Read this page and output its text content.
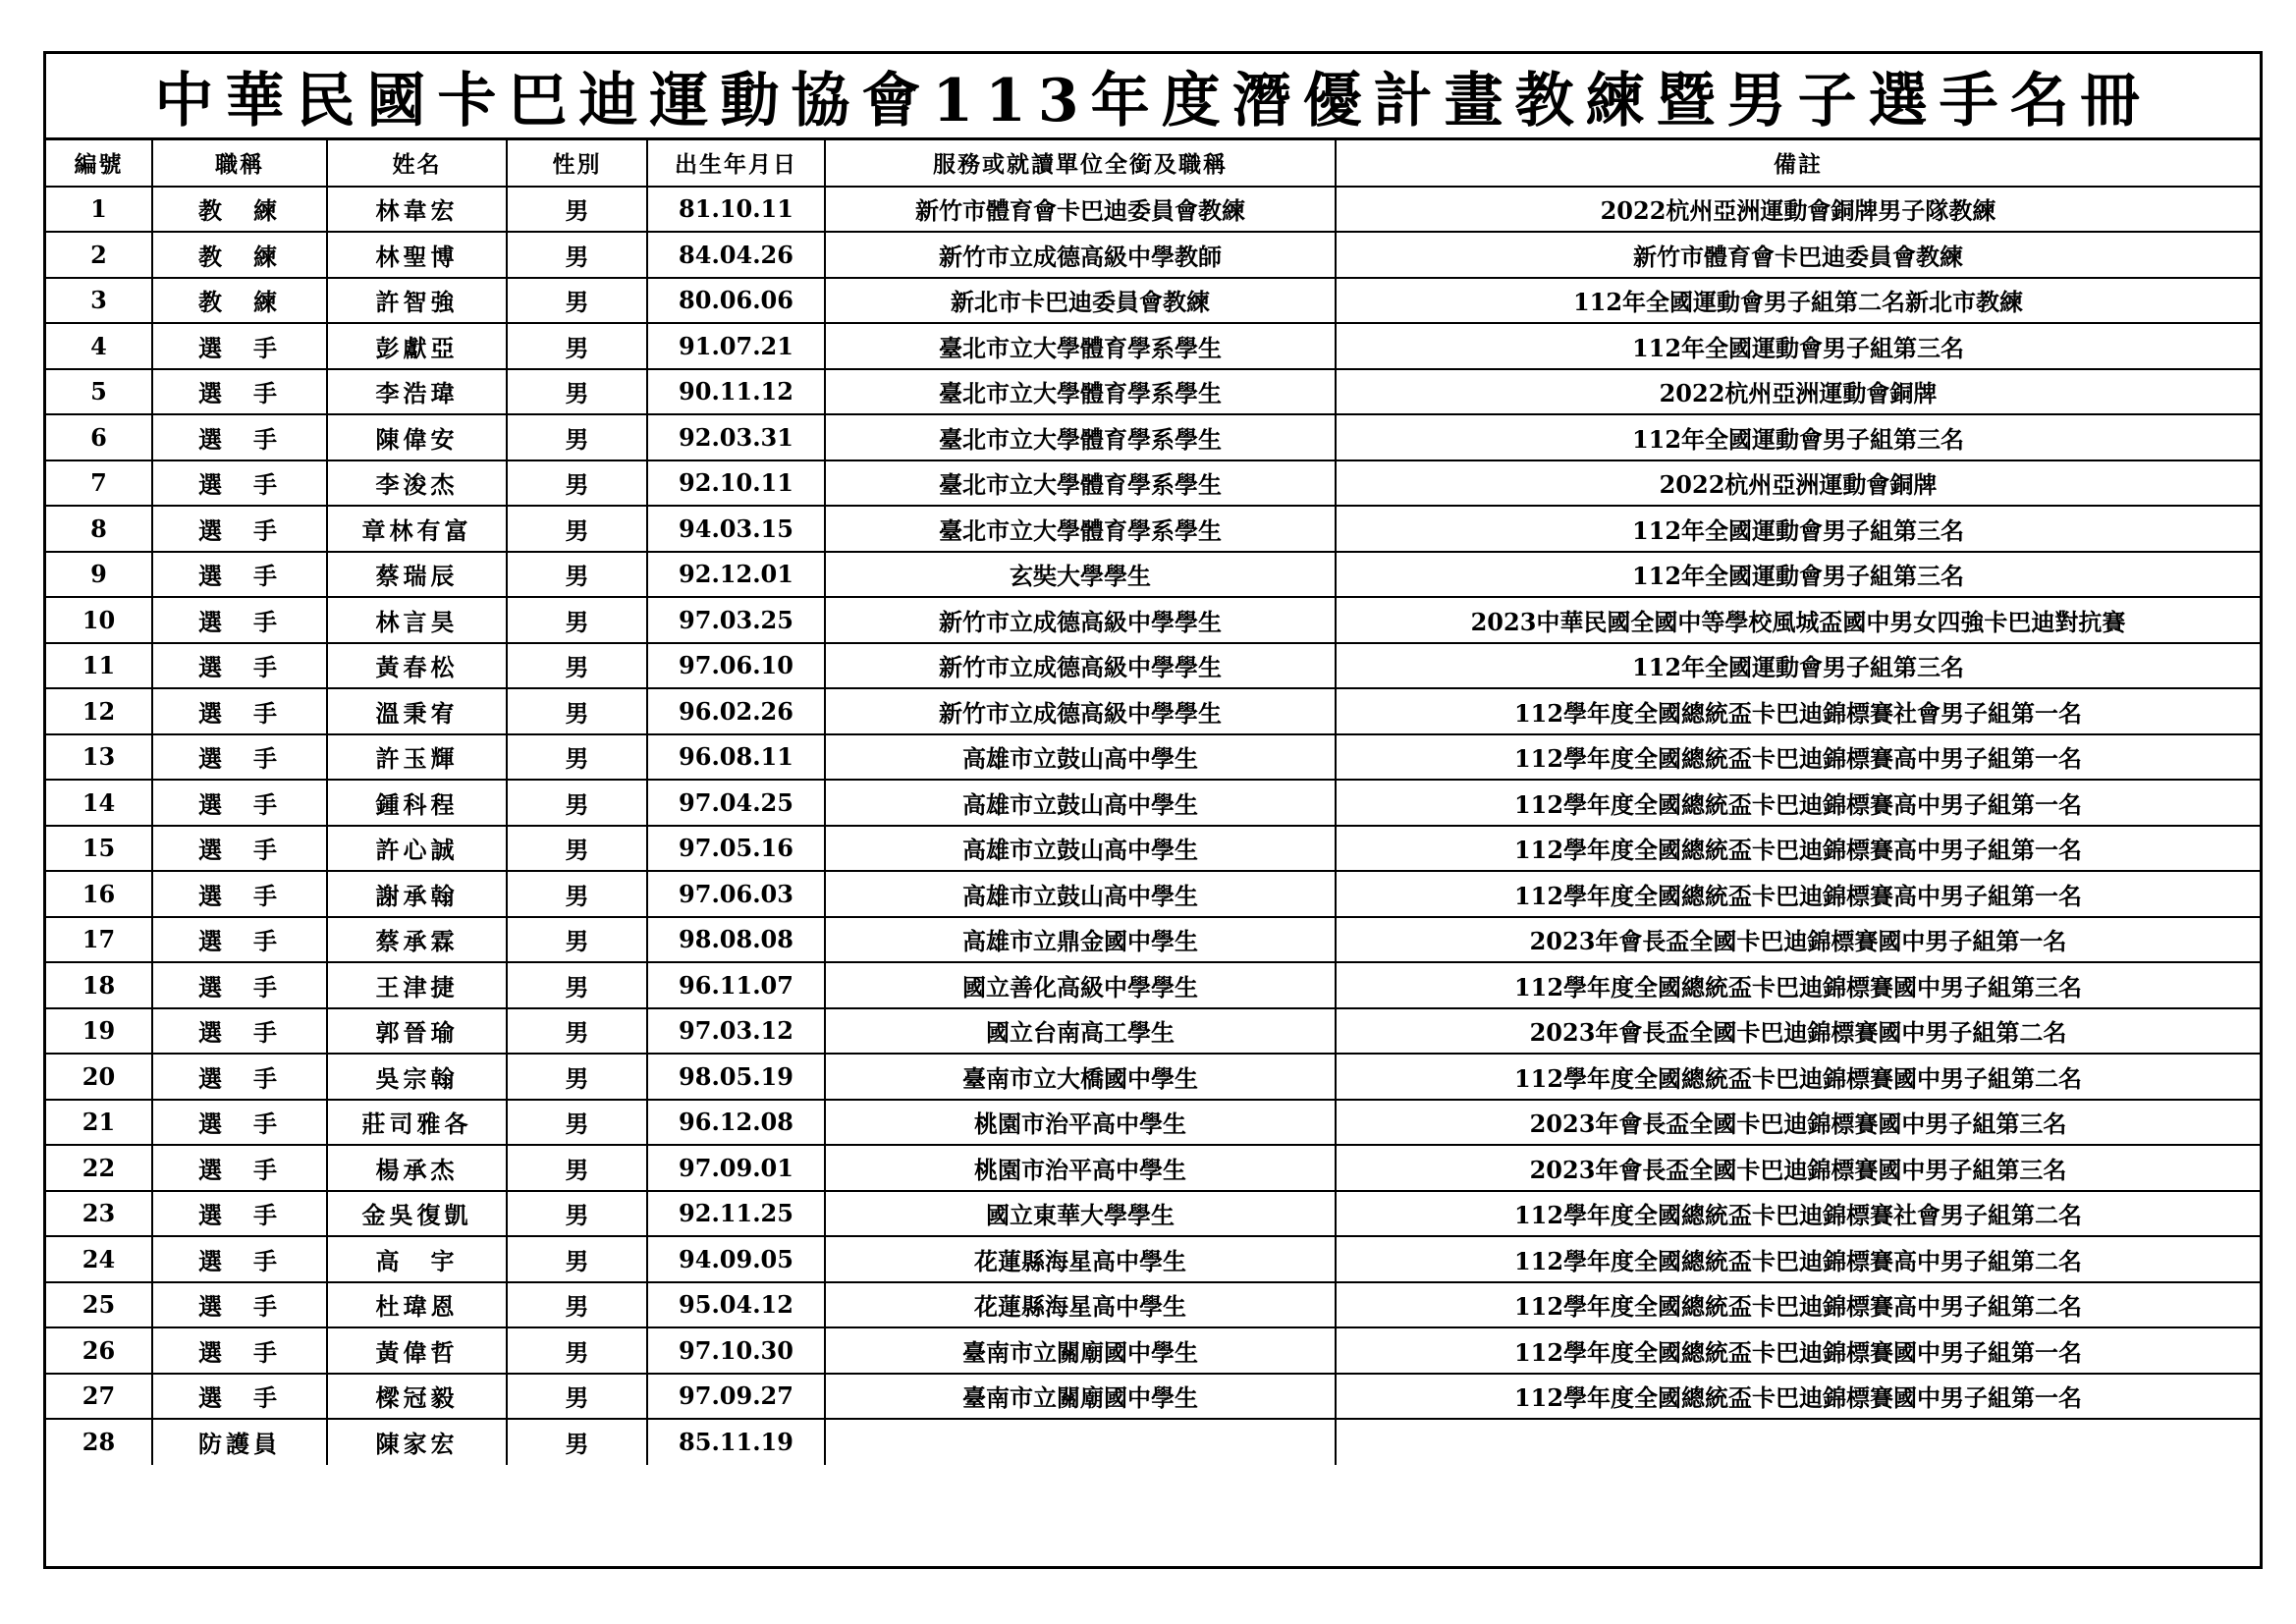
中華民國卡巴迪運動協會113年度潛優計畫教練暨男子選手名冊
編號	職稱	姓名	性別	出生年月日	服務或就讀單位全銜及職稱	備註
1	教　練	林韋宏	男	81.10.11	新竹市體育會卡巴迪委員會教練	2022杭州亞洲運動會銅牌男子隊教練
2	教　練	林聖博	男	84.04.26	新竹市立成德高級中學教師	新竹市體育會卡巴迪委員會教練
3	教　練	許智強	男	80.06.06	新北市卡巴迪委員會教練	112年全國運動會男子組第二名新北市教練
4	選　手	彭獻亞	男	91.07.21	臺北市立大學體育學系學生	112年全國運動會男子組第三名
5	選　手	李浩瑋	男	90.11.12	臺北市立大學體育學系學生	2022杭州亞洲運動會銅牌
6	選　手	陳偉安	男	92.03.31	臺北市立大學體育學系學生	112年全國運動會男子組第三名
7	選　手	李浚杰	男	92.10.11	臺北市立大學體育學系學生	2022杭州亞洲運動會銅牌
8	選　手	章林有富	男	94.03.15	臺北市立大學體育學系學生	112年全國運動會男子組第三名
9	選　手	蔡瑞辰	男	92.12.01	玄奘大學學生	112年全國運動會男子組第三名
10	選　手	林言昊	男	97.03.25	新竹市立成德高級中學學生	2023中華民國全國中等學校風城盃國中男女四強卡巴迪對抗賽
11	選　手	黃春松	男	97.06.10	新竹市立成德高級中學學生	112年全國運動會男子組第三名
12	選　手	溫秉宥	男	96.02.26	新竹市立成德高級中學學生	112學年度全國總統盃卡巴迪錦標賽社會男子組第一名
13	選　手	許玉輝	男	96.08.11	高雄市立鼓山高中學生	112學年度全國總統盃卡巴迪錦標賽高中男子組第一名
14	選　手	鍾科程	男	97.04.25	高雄市立鼓山高中學生	112學年度全國總統盃卡巴迪錦標賽高中男子組第一名
15	選　手	許心誠	男	97.05.16	高雄市立鼓山高中學生	112學年度全國總統盃卡巴迪錦標賽高中男子組第一名
16	選　手	謝承翰	男	97.06.03	高雄市立鼓山高中學生	112學年度全國總統盃卡巴迪錦標賽高中男子組第一名
17	選　手	蔡承霖	男	98.08.08	高雄市立鼎金國中學生	2023年會長盃全國卡巴迪錦標賽國中男子組第一名
18	選　手	王津捷	男	96.11.07	國立善化高級中學學生	112學年度全國總統盃卡巴迪錦標賽國中男子組第三名
19	選　手	郭晉瑜	男	97.03.12	國立台南高工學生	2023年會長盃全國卡巴迪錦標賽國中男子組第二名
20	選　手	吳宗翰	男	98.05.19	臺南市立大橋國中學生	112學年度全國總統盃卡巴迪錦標賽國中男子組第二名
21	選　手	莊司雅各	男	96.12.08	桃園市治平高中學生	2023年會長盃全國卡巴迪錦標賽國中男子組第三名
22	選　手	楊承杰	男	97.09.01	桃園市治平高中學生	2023年會長盃全國卡巴迪錦標賽國中男子組第三名
23	選　手	金吳復凱	男	92.11.25	國立東華大學學生	112學年度全國總統盃卡巴迪錦標賽社會男子組第二名
24	選　手	高　宇	男	94.09.05	花蓮縣海星高中學生	112學年度全國總統盃卡巴迪錦標賽高中男子組第二名
25	選　手	杜瑋恩	男	95.04.12	花蓮縣海星高中學生	112學年度全國總統盃卡巴迪錦標賽高中男子組第二名
26	選　手	黃偉哲	男	97.10.30	臺南市立關廟國中學生	112學年度全國總統盃卡巴迪錦標賽國中男子組第一名
27	選　手	樑冠毅	男	97.09.27	臺南市立關廟國中學生	112學年度全國總統盃卡巴迪錦標賽國中男子組第一名
28	防護員	陳家宏	男	85.11.19		
